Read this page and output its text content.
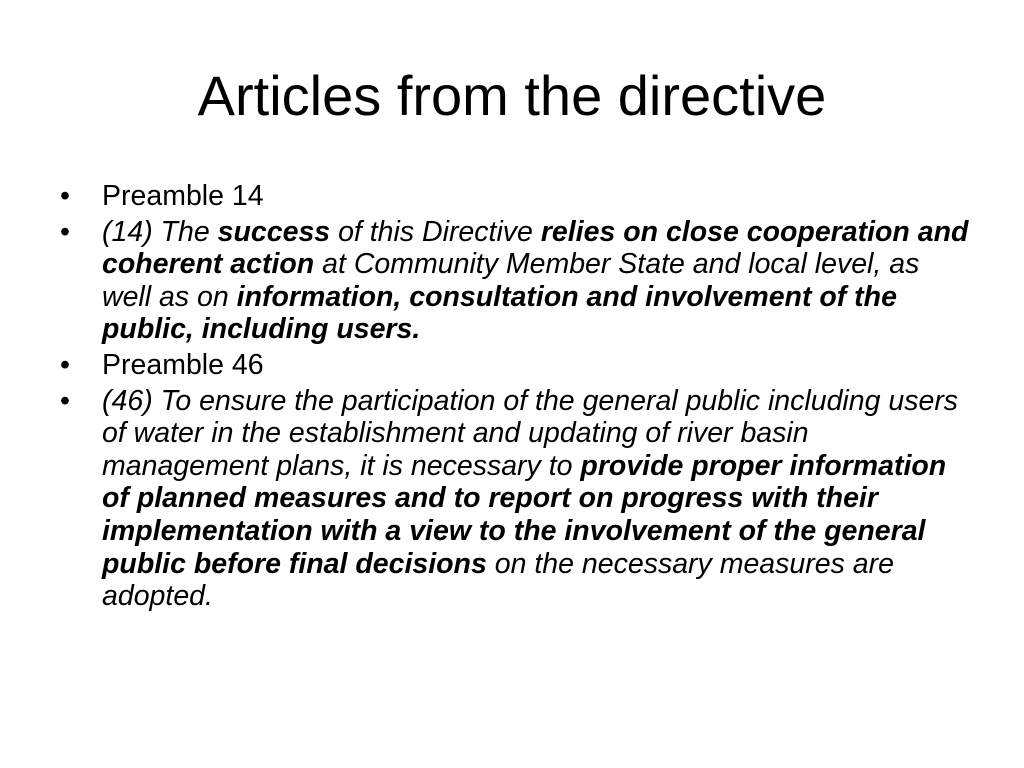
Articles from the directive
• Preamble 14
• (14) The success of this Directive relies on close cooperation and coherent action at Community Member State and local level, as well as on information, consultation and involvement of the public, including users.
• Preamble 46
• (46) To ensure the participation of the general public including users of water in the establishment and updating of river basin management plans, it is necessary to provide proper information of planned measures and to report on progress with their implementation with a view to the involvement of the general public before final decisions on the necessary measures are adopted.
